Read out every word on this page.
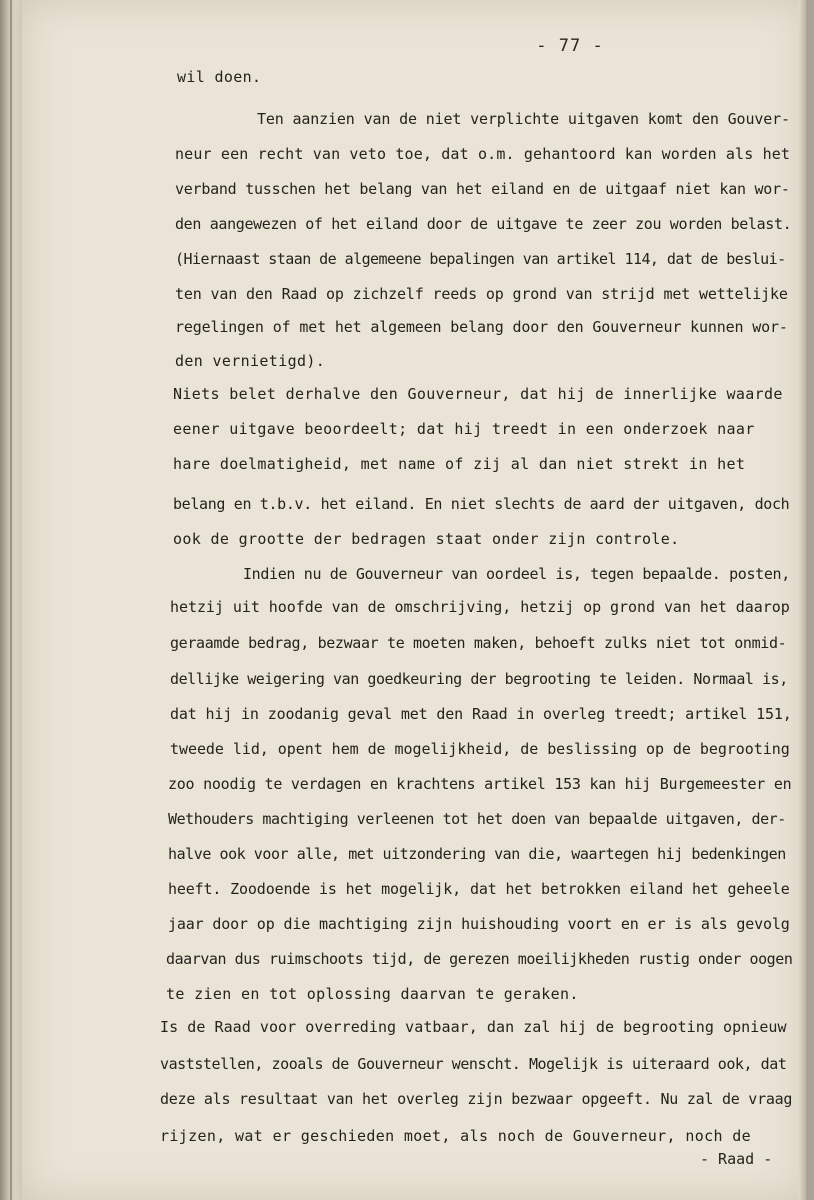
- 77 -
wil doen.
Ten aanzien van de niet verplichte uitgaven komt den Gouver-
neur een recht van veto toe, dat o.m. gehantoord kan worden als het
verband tusschen het belang van het eiland en de uitgaaf niet kan wor-
den aangewezen of het eiland door de uitgave te zeer zou worden belast.
(Hiernaast staan de algemeene bepalingen van artikel 114, dat de beslui-
ten van den Raad op zichzelf reeds op grond van strijd met wettelijke
regelingen of met het algemeen belang door den Gouverneur kunnen wor-
den vernietigd).
Niets belet derhalve den Gouverneur, dat hij de innerlijke waarde
eener uitgave beoordeelt; dat hij treedt in een onderzoek naar
hare doelmatigheid, met name of zij al dan niet strekt in het
belang en t.b.v. het eiland. En niet slechts de aard der uitgaven, doch
ook de grootte der bedragen staat onder zijn controle.
Indien nu de Gouverneur van oordeel is, tegen bepaalde. posten,
hetzij uit hoofde van de omschrijving, hetzij op grond van het daarop
geraamde bedrag, bezwaar te moeten maken, behoeft zulks niet tot onmid-
dellijke weigering van goedkeuring der begrooting te leiden. Normaal is,
dat hij in zoodanig geval met den Raad in overleg treedt; artikel 151,
tweede lid, opent hem de mogelijkheid, de beslissing op de begrooting
zoo noodig te verdagen en krachtens artikel 153 kan hij Burgemeester en
Wethouders machtiging verleenen tot het doen van bepaalde uitgaven, der-
halve ook voor alle, met uitzondering van die, waartegen hij bedenkingen
heeft. Zoodoende is het mogelijk, dat het betrokken eiland het geheele
jaar door op die machtiging zijn huishouding voort en er is als gevolg
daarvan dus ruimschoots tijd, de gerezen moeilijkheden rustig onder oogen
te zien en tot oplossing daarvan te geraken.
Is de Raad voor overreding vatbaar, dan zal hij de begrooting opnieuw
vaststellen, zooals de Gouverneur wenscht. Mogelijk is uiteraard ook, dat
deze als resultaat van het overleg zijn bezwaar opgeeft. Nu zal de vraag
rijzen, wat er geschieden moet, als noch de Gouverneur, noch de
- Raad -
